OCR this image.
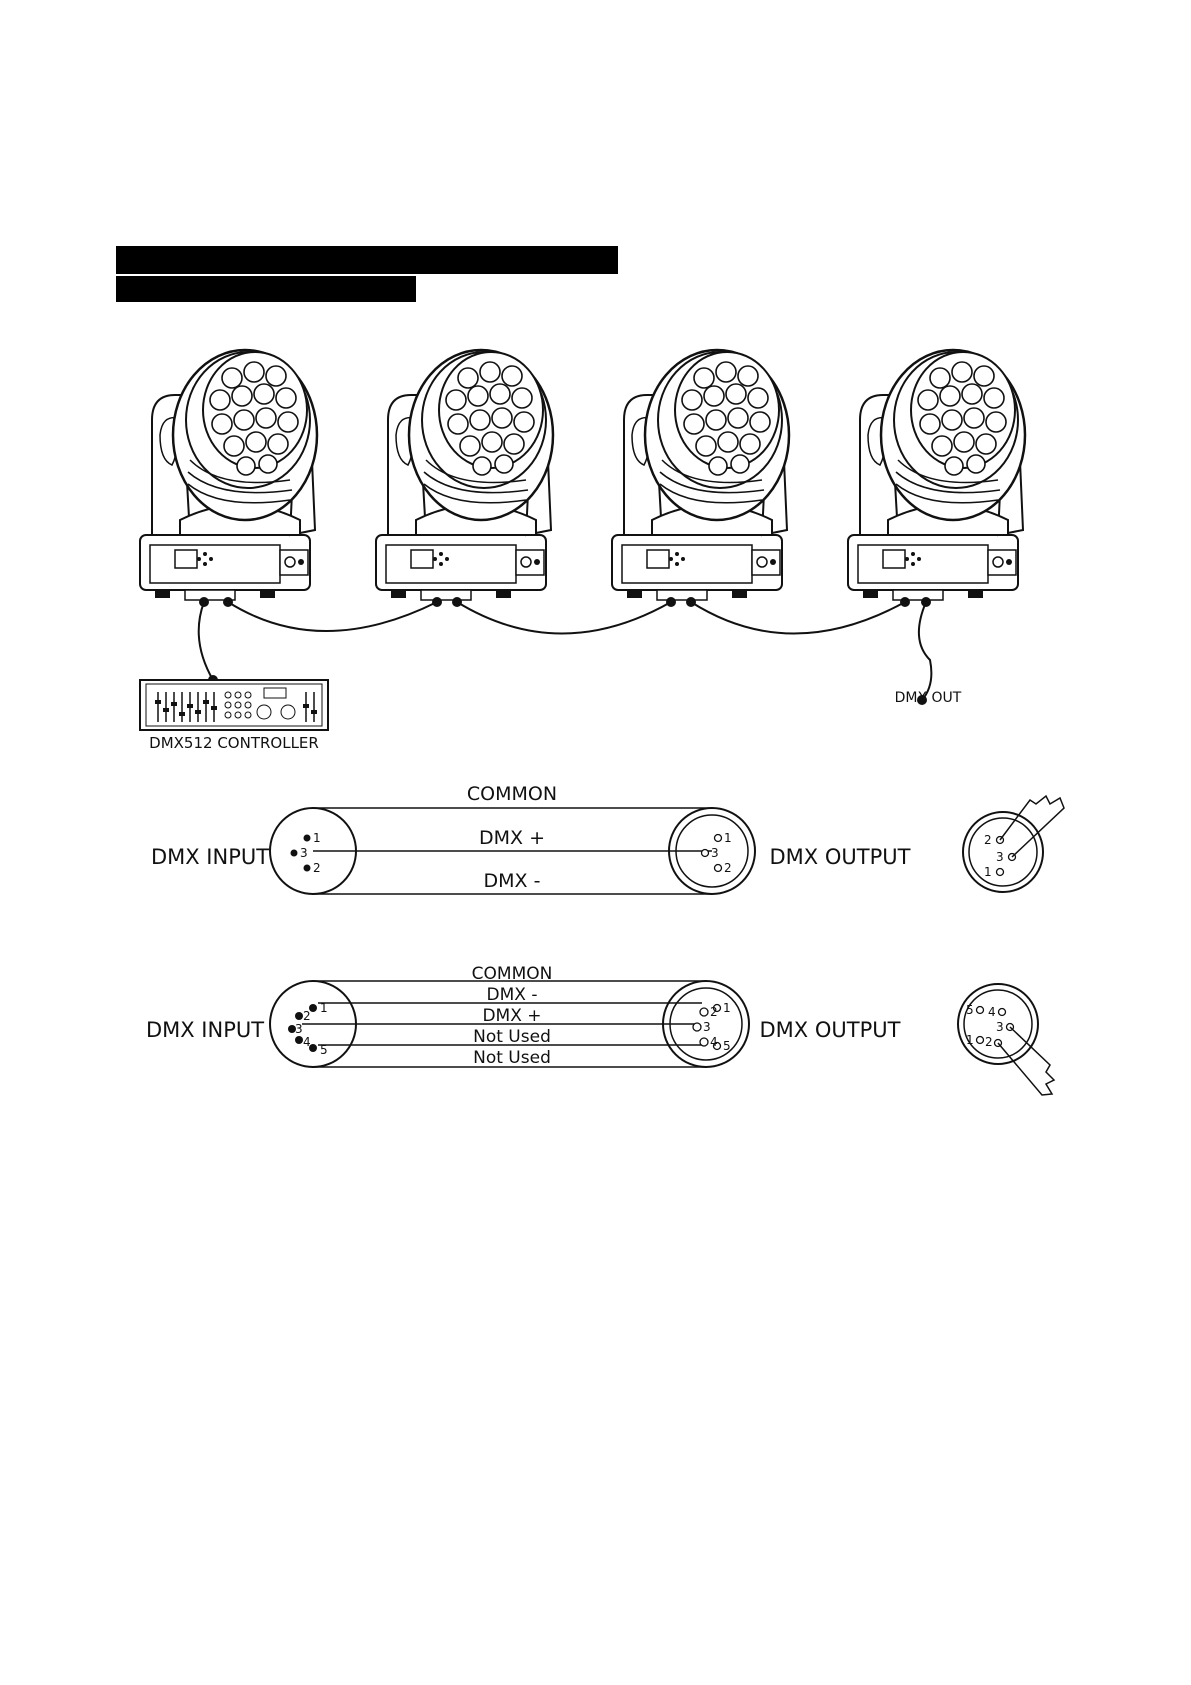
DMX512 CONTROLLER
DMX OUT
DMX INPUT	DMX OUTPUT
COMMON
DMX +
DMX -
1
3
2
1
3
2
2
3
1
DMX INPUT	DMX OUTPUT
COMMON
DMX -
DMX +
Not Used
Not Used
1
2
3
4
5
1
2
3
4 5
5 4
3
2
1
